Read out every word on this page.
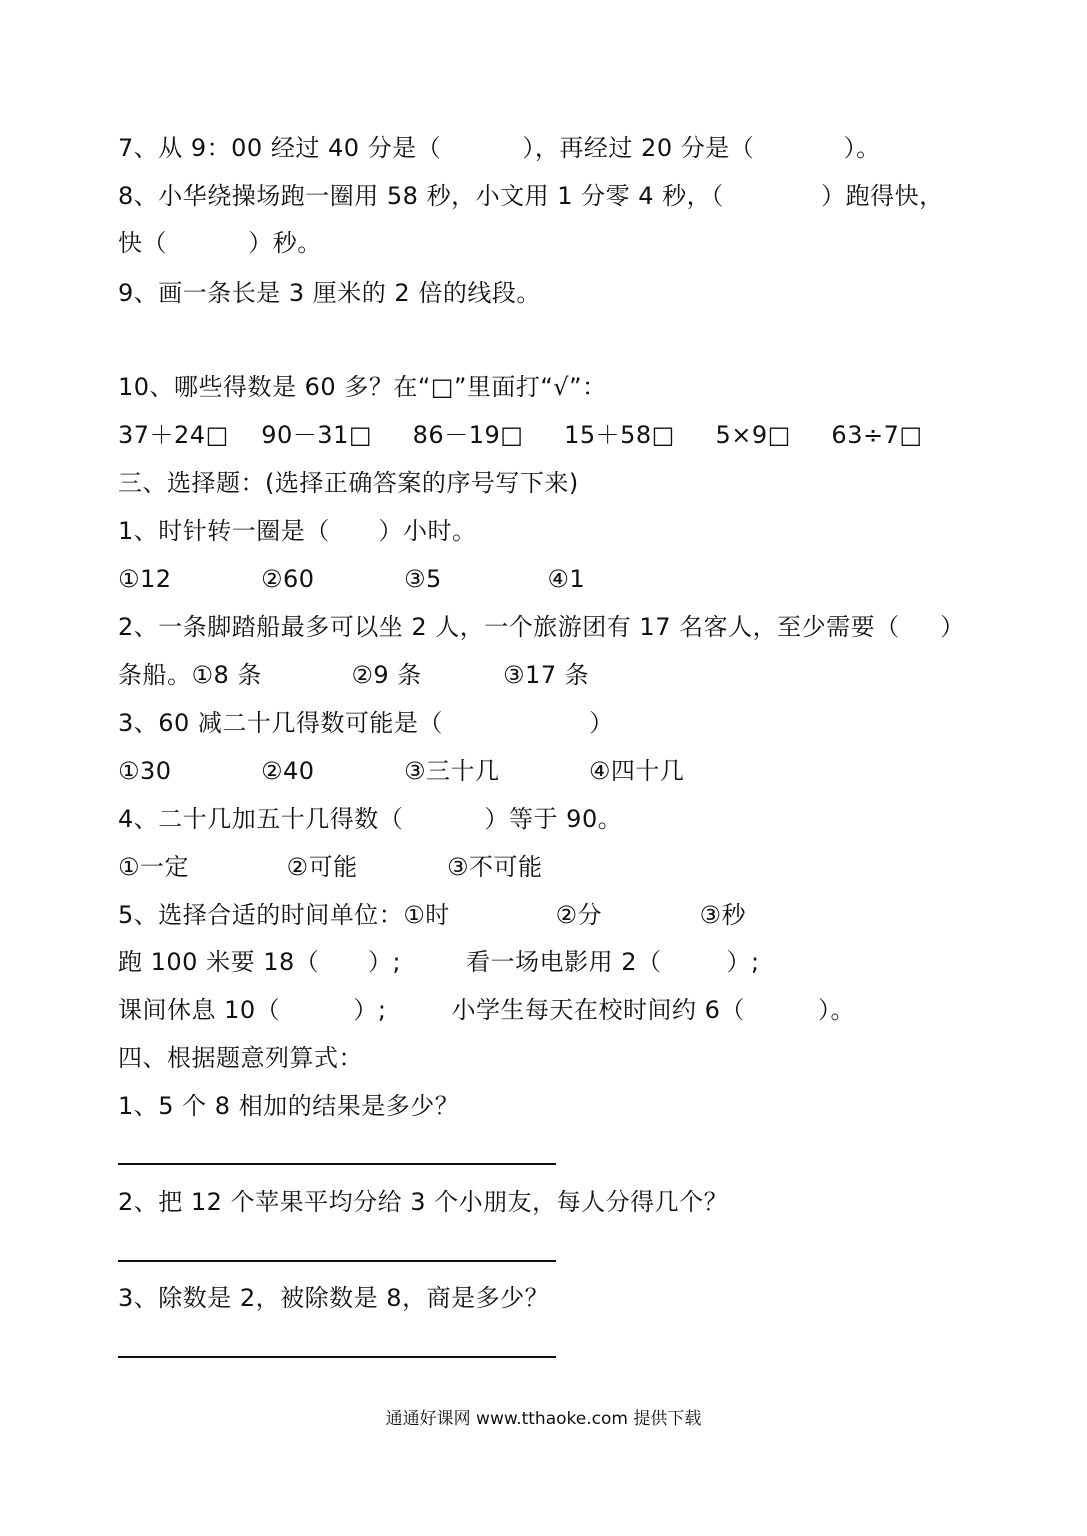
7、从 9：00 经过 40 分是（          ），再经过 20 分是（           ）。
8、小华绕操场跑一圈用 58 秒，小文用 1 分零 4 秒，（            ）跑得快，
快（          ）秒。
9、画一条长是 3 厘米的 2 倍的线段。
10、哪些得数是 60 多？在“□”里面打“√”：
37＋24□    90－31□     86－19□     15＋58□     5×9□     63÷7□
三、选择题：(选择正确答案的序号写下来)
1、时针转一圈是（      ）小时。
①12           ②60           ③5             ④1
2、一条脚踏船最多可以坐 2 人，一个旅游团有 17 名客人，至少需要（     ）
条船。①8 条           ②9 条          ③17 条
3、60 减二十几得数可能是（                  ）
①30           ②40           ③三十几           ④四十几
4、二十几加五十几得数（          ）等于 90。
①一定            ②可能           ③不可能
5、选择合适的时间单位：①时             ②分            ③秒
跑 100 米要 18（      ）;        看一场电影用 2（        ）;
课间休息 10（         ）;        小学生每天在校时间约 6（         ）。
四、根据题意列算式：
1、5 个 8 相加的结果是多少？
2、把 12 个苹果平均分给 3 个小朋友，每人分得几个？
3、除数是 2，被除数是 8，商是多少？
通通好课网 www.tthaoke.com 提供下载
